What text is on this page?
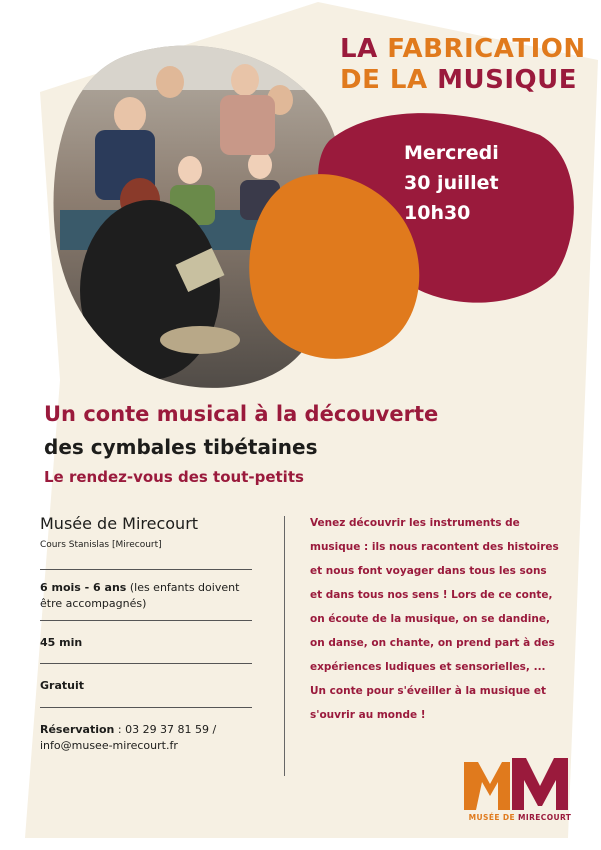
LA FABRICATION
DE LA MUSIQUE
Mercredi
30 juillet
10h30
Un conte musical à la découverte
des cymbales tibétaines
Le rendez-vous des tout-petits
Musée de Mirecourt
Cours Stanislas [Mirecourt]
6 mois - 6 ans (les enfants doivent être accompagnés)
45 min
Gratuit
Réservation : 03 29 37 81 59 /
info@musee-mirecourt.fr
Venez découvrir les instruments de musique : ils nous racontent des histoires et nous font voyager dans tous les sons et dans tous nos sens ! Lors de ce conte, on écoute de la musique, on se dandine, on danse, on chante, on prend part à des expériences ludiques et sensorielles, ... Un conte pour s'éveiller à la musique et s'ouvrir au monde !
MUSÉE DE MIRECOURT
